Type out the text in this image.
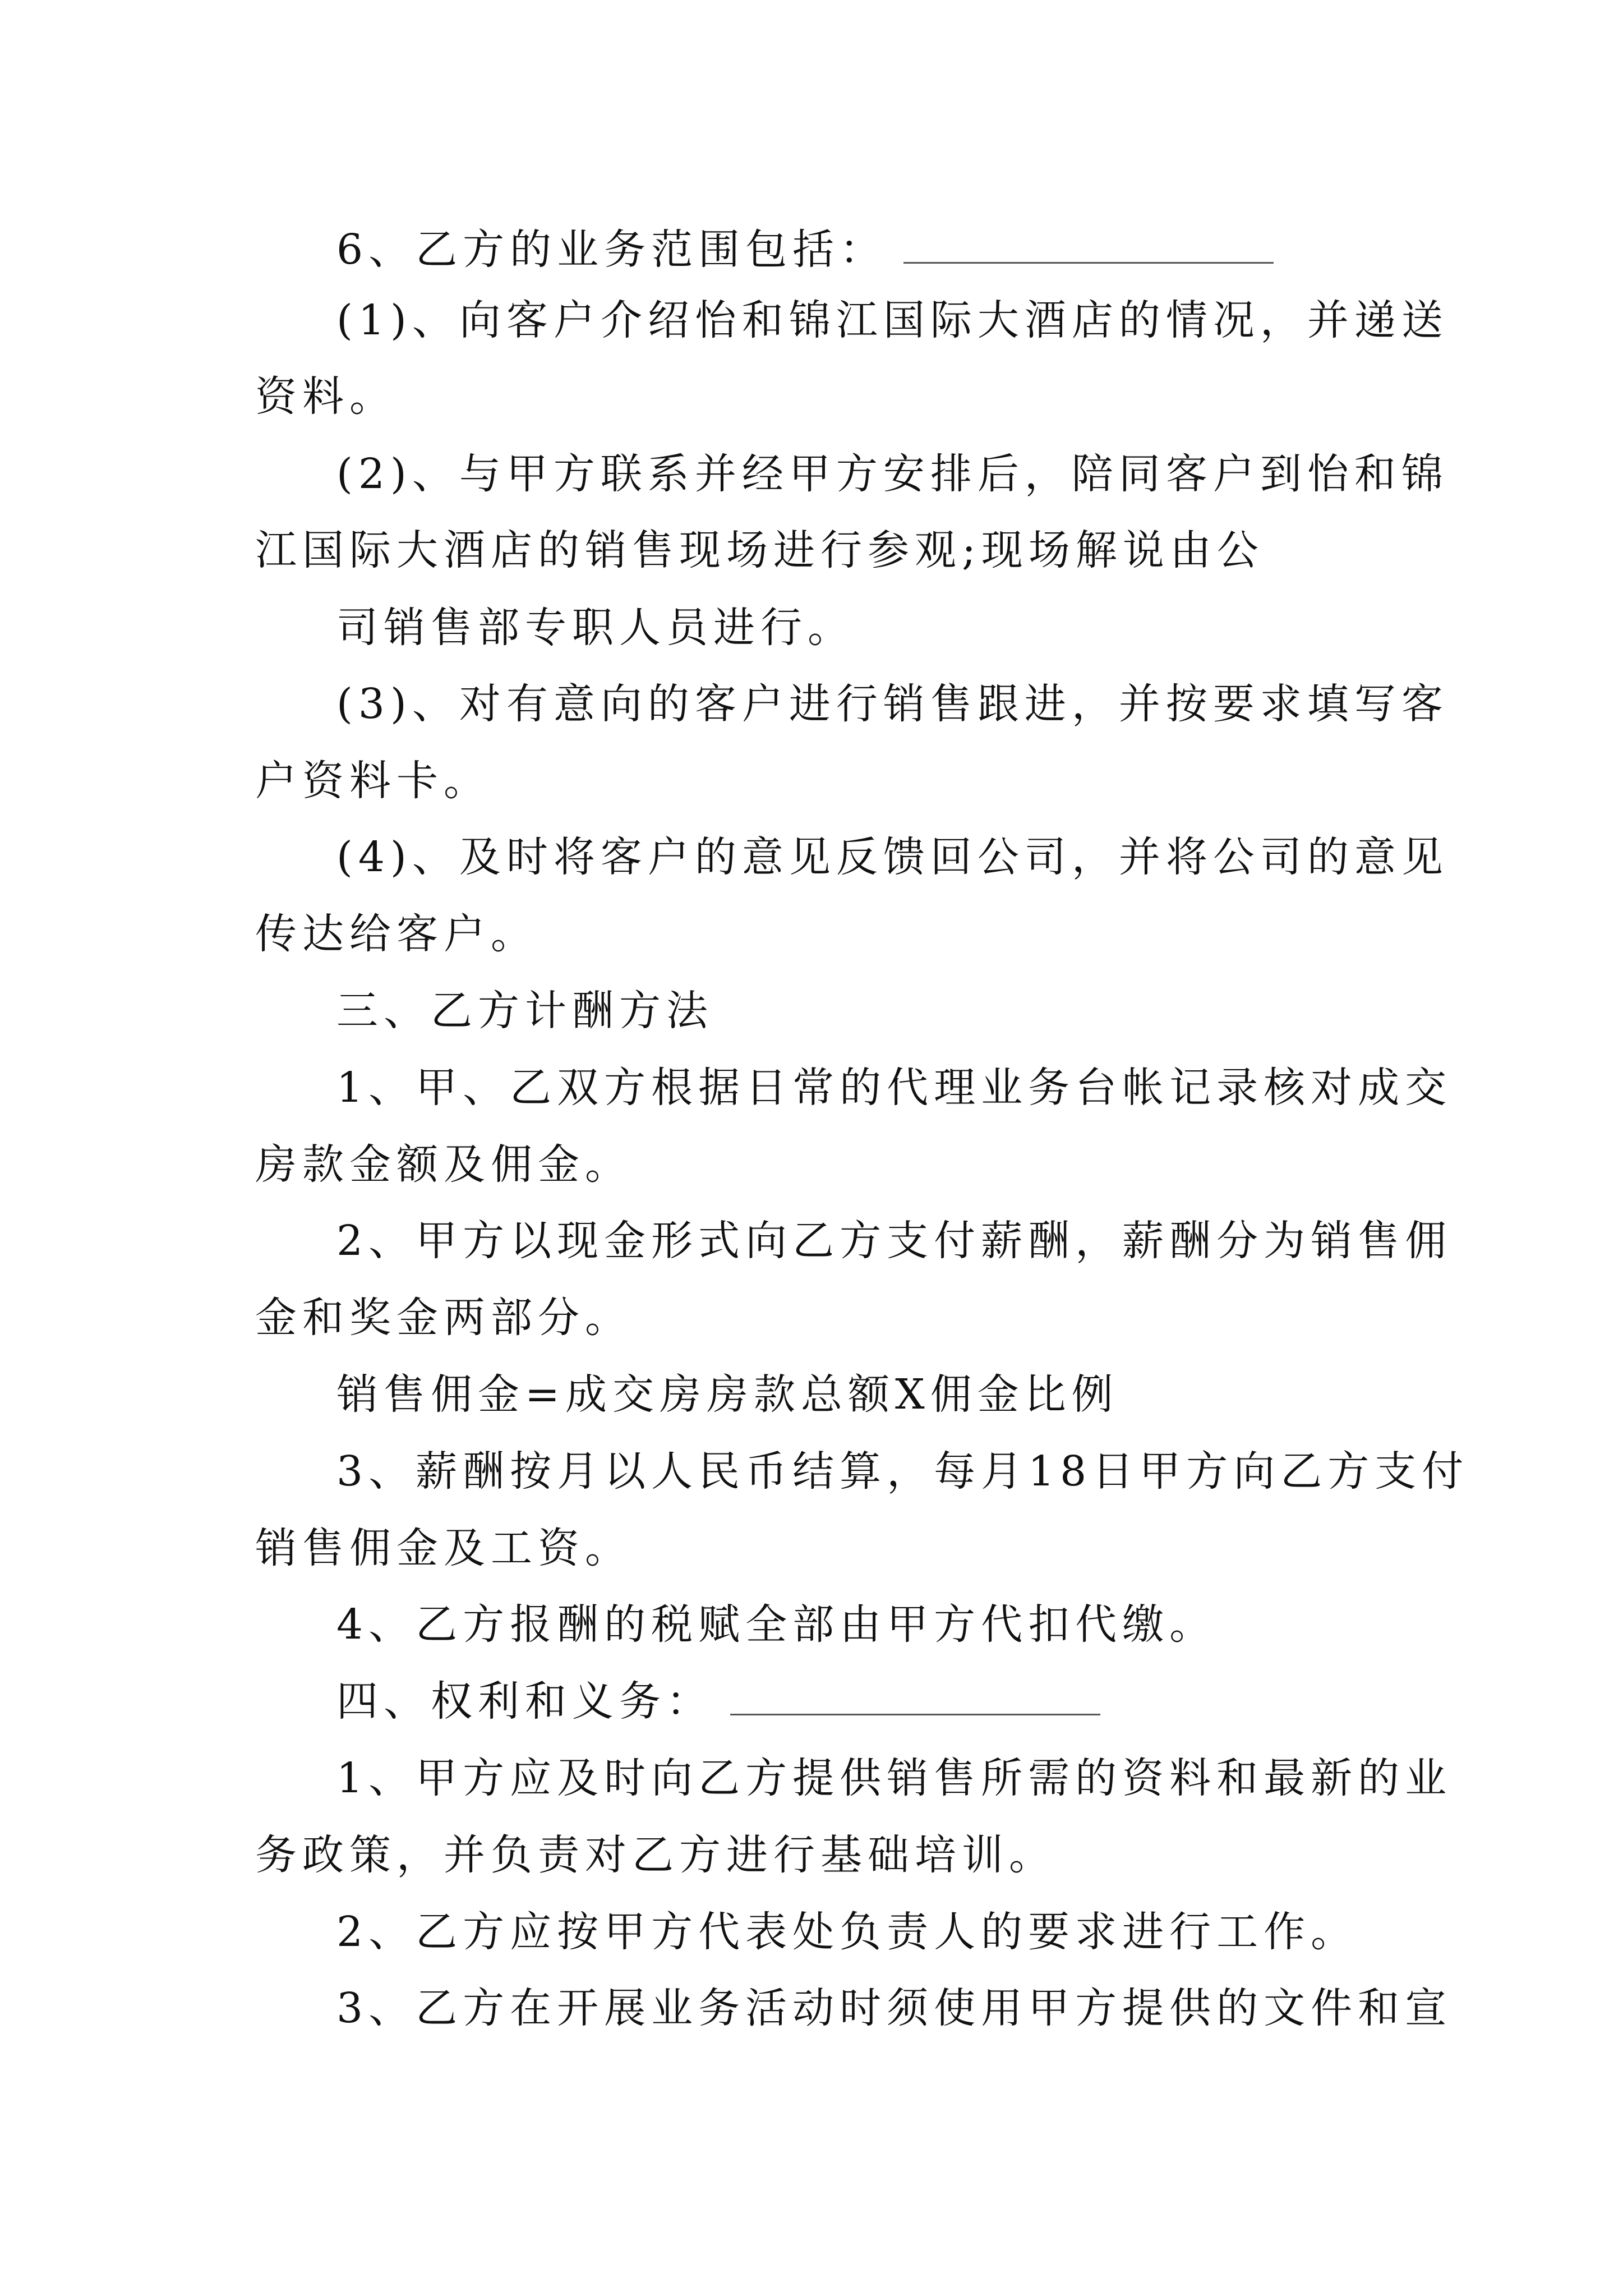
6、乙方的业务范围包括：
(1)、向客户介绍怡和锦江国际大酒店的情况，并递送
资料。
(2)、与甲方联系并经甲方安排后，陪同客户到怡和锦
江国际大酒店的销售现场进行参观;现场解说由公
司销售部专职人员进行。
(3)、对有意向的客户进行销售跟进，并按要求填写客
户资料卡。
(4)、及时将客户的意见反馈回公司，并将公司的意见
传达给客户。
三、乙方计酬方法
1、甲、乙双方根据日常的代理业务台帐记录核对成交
房款金额及佣金。
2、甲方以现金形式向乙方支付薪酬，薪酬分为销售佣
金和奖金两部分。
销售佣金=成交房房款总额X佣金比例
3、薪酬按月以人民币结算，每月18日甲方向乙方支付
销售佣金及工资。
4、乙方报酬的税赋全部由甲方代扣代缴。
四、权利和义务：
1、甲方应及时向乙方提供销售所需的资料和最新的业
务政策，并负责对乙方进行基础培训。
2、乙方应按甲方代表处负责人的要求进行工作。
3、乙方在开展业务活动时须使用甲方提供的文件和宣
